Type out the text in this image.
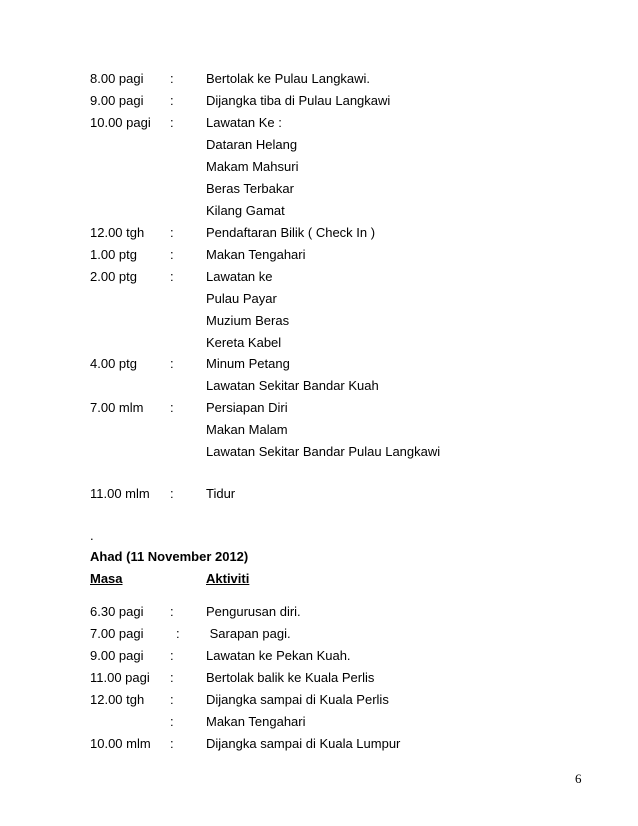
8.00 pagi : Bertolak ke Pulau Langkawi.
9.00 pagi : Dijangka tiba di Pulau Langkawi
10.00 pagi : Lawatan Ke :
Dataran Helang
Makam Mahsuri
Beras Terbakar
Kilang Gamat
12.00 tgh : Pendaftaran Bilik ( Check In )
1.00 ptg	: Makan Tengahari
2.00 ptg	: Lawatan ke
Pulau Payar
Muzium Beras
Kereta Kabel
4.00 ptg	: Minum Petang
Lawatan Sekitar Bandar Kuah
7.00 mlm : Persiapan Diri
Makan Malam
Lawatan Sekitar Bandar Pulau Langkawi
11.00 mlm : Tidur
.
Ahad (11 November 2012)
Masa	Aktiviti
6.30 pagi : Pengurusan diri.
7.00 pagi	: Sarapan pagi.
9.00 pagi : Lawatan ke Pekan Kuah.
11.00 pagi : Bertolak balik ke Kuala Perlis
12.00 tgh : Dijangka sampai di Kuala Perlis
: Makan Tengahari
10.00 mlm : Dijangka sampai di Kuala Lumpur
6
